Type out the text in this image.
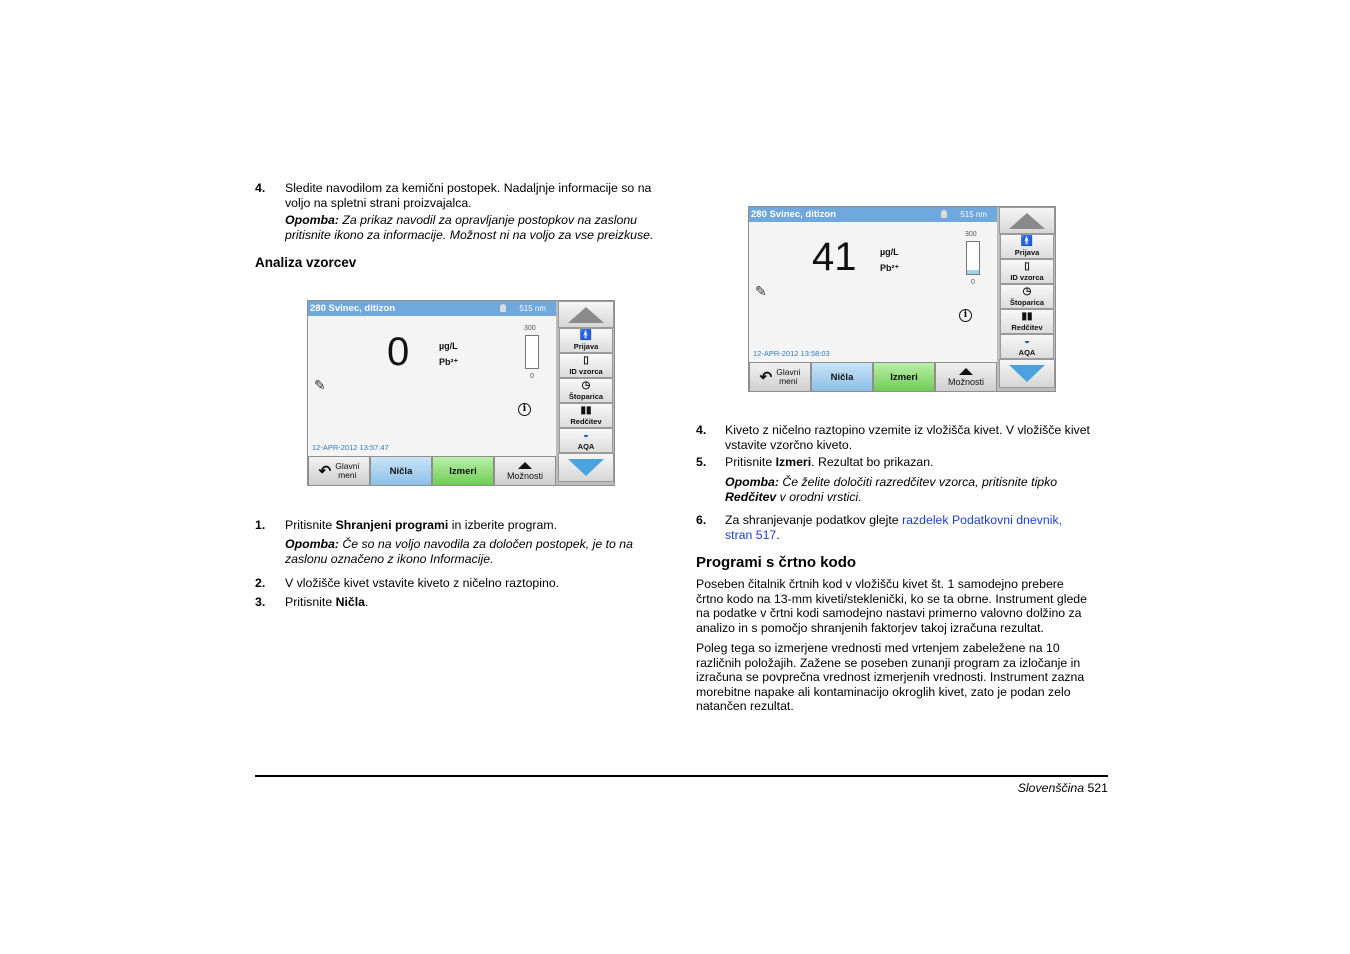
4. Sledite navodilom za kemični postopek. Nadaljnje informacije so na
voljo na spletni strani proizvajalca.
Opomba: Za prikaz navodil za opravljanje postopkov na zaslonu
pritisnite ikono za informacije. Možnost ni na voljo za vse preizkuse.
Analiza vzorcev
280 Svinec, ditizon	515 nm
0	µg/L
Pb²⁺
300
0
✎
i
12-APR-2012 13:57:47
↶ Glavni
meni	Ničla	Izmeri	Možnosti
🚹
Prijava
▯
ID vzorca
◷
Štoparica
▮▮
Redčitev
◒
AQA
1. Pritisnite Shranjeni programi in izberite program.
Opomba: Če so na voljo navodila za določen postopek, je to na
zaslonu označeno z ikono Informacije.
2. V vložišče kivet vstavite kiveto z ničelno raztopino.
3. Pritisnite Ničla.
280 Svinec, ditizon	515 nm
41	µg/L
Pb²⁺
300
0
✎
i
12-APR-2012 13:58:03
↶ Glavni
meni	Ničla	Izmeri	Možnosti
🚹
Prijava
▯
ID vzorca
◷
Štoparica
▮▮
Redčitev
◒
AQA
4. Kiveto z ničelno raztopino vzemite iz vložišča kivet. V vložišče kivet
vstavite vzorčno kiveto.
5. Pritisnite Izmeri. Rezultat bo prikazan.
Opomba: Če želite določiti razredčitev vzorca, pritisnite tipko
Redčitev v orodni vrstici.
6. Za shranjevanje podatkov glejte razdelek Podatkovni dnevnik,
stran 517.
Programi s črtno kodo
Poseben čitalnik črtnih kod v vložišču kivet št. 1 samodejno prebere
črtno kodo na 13-mm kiveti/steklenički, ko se ta obrne. Instrument glede
na podatke v črtni kodi samodejno nastavi primerno valovno dolžino za
analizo in s pomočjo shranjenih faktorjev takoj izračuna rezultat.
Poleg tega so izmerjene vrednosti med vrtenjem zabeležene na 10
različnih položajih. Zažene se poseben zunanji program za izločanje in
izračuna se povprečna vrednost izmerjenih vrednosti. Instrument zazna
morebitne napake ali kontaminacijo okroglih kivet, zato je podan zelo
natančen rezultat.
Slovenščina 521
